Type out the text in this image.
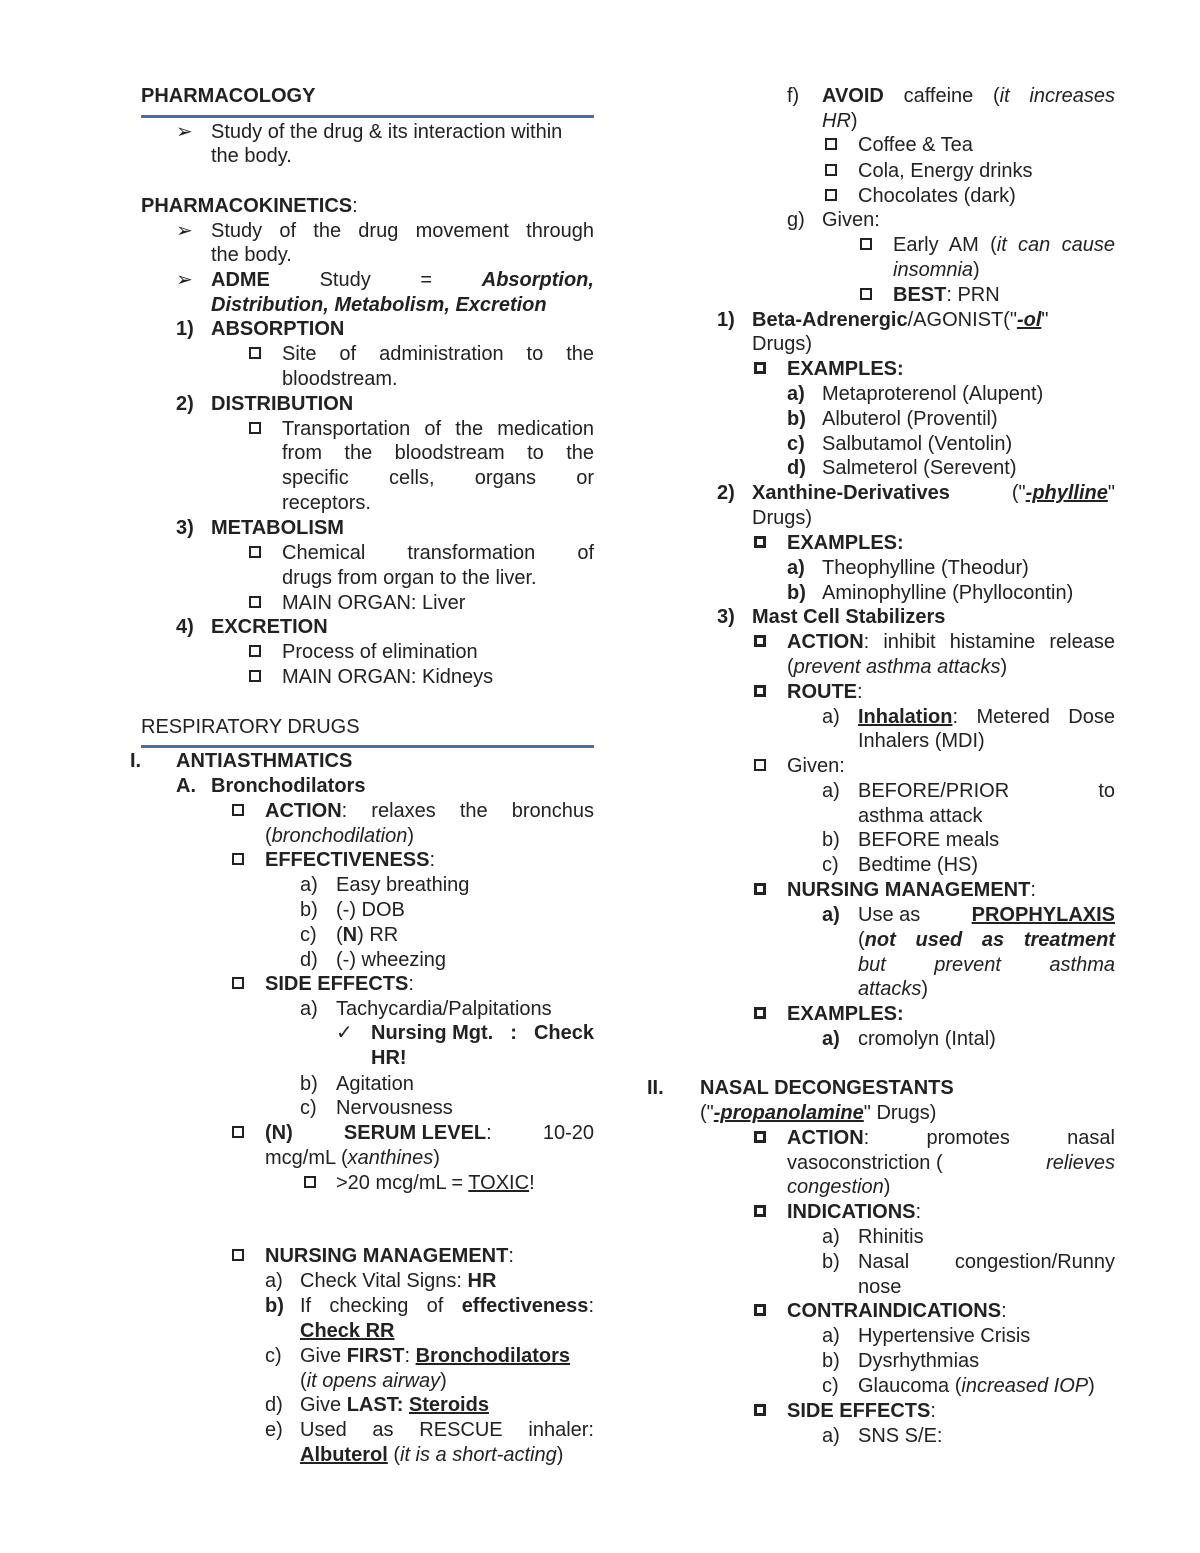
PHARMACOLOGY
➢ Study of the drug & its interaction within
the body.
PHARMACOKINETICS:
➢ Study of the drug movement through
the body.
➢ ADME Study = Absorption,
Distribution, Metabolism, Excretion
1) ABSORPTION
Site of administration to the
bloodstream.
2) DISTRIBUTION
Transportation of the medication
from the bloodstream to the
specific cells, organs or
receptors.
3) METABOLISM
Chemical transformation of
drugs from organ to the liver.
MAIN ORGAN: Liver
4) EXCRETION
Process of elimination
MAIN ORGAN: Kidneys
RESPIRATORY DRUGS
I. ANTIASTHMATICS
A. Bronchodilators
ACTION: relaxes the bronchus
(bronchodilation)
EFFECTIVENESS:
a) Easy breathing
b) (-) DOB
c) (N) RR
d) (-) wheezing
SIDE EFFECTS:
a) Tachycardia/Palpitations
✓ Nursing Mgt. : Check
HR!
b) Agitation
c) Nervousness
(N)	SERUM LEVEL:	10-20
mcg/mL (xanthines)
>20 mcg/mL = TOXIC!
NURSING MANAGEMENT:
a) Check Vital Signs: HR
b) If checking of effectiveness:
Check RR
c) Give FIRST: Bronchodilators
(it opens airway)
d) Give LAST: Steroids
e) Used as RESCUE inhaler:
Albuterol (it is a short-acting)
f) AVOID caffeine (it increases
HR)
Coffee & Tea
Cola, Energy drinks
Chocolates (dark)
g) Given:
Early AM (it can cause
insomnia)
BEST: PRN
1) Beta-Adrenergic/AGONIST("-ol"
Drugs)
EXAMPLES:
a) Metaproterenol (Alupent)
b) Albuterol (Proventil)
c) Salbutamol (Ventolin)
d) Salmeterol (Serevent)
2) Xanthine-Derivatives	("-phylline"
Drugs)
EXAMPLES:
a) Theophylline (Theodur)
b) Aminophylline (Phyllocontin)
3) Mast Cell Stabilizers
ACTION: inhibit histamine release
(prevent asthma attacks)
ROUTE:
a) Inhalation: Metered Dose
Inhalers (MDI)
Given:
a) BEFORE/PRIOR	to
asthma attack
b) BEFORE meals
c) Bedtime (HS)
NURSING MANAGEMENT:
a) Use as	PROPHYLAXIS
(not used as treatment
but prevent asthma
attacks)
EXAMPLES:
a) cromolyn (Intal)
II. NASAL DECONGESTANTS
("-propanolamine" Drugs)
ACTION:	promotes	nasal
vasoconstriction (	relieves
congestion)
INDICATIONS:
a) Rhinitis
b) Nasal congestion/Runny
nose
CONTRAINDICATIONS:
a) Hypertensive Crisis
b) Dysrhythmias
c) Glaucoma (increased IOP)
SIDE EFFECTS:
a) SNS S/E:
